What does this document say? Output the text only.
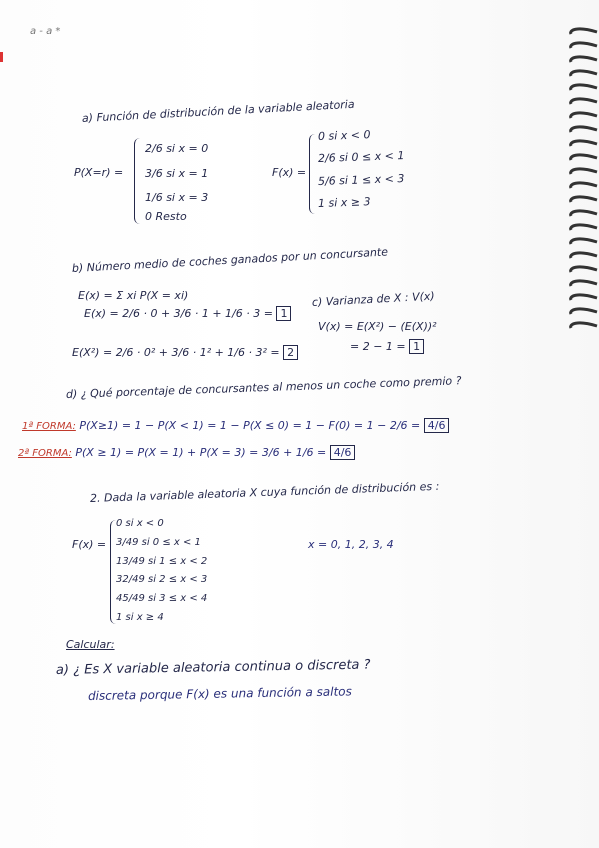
a - a *
a) Función de distribución de la variable aleatoria
P(X=r) =
2/6 si x = 0
3/6 si x = 1
1/6 si x = 3
0 Resto
F(x) =
0 si x < 0
2/6 si 0 ≤ x < 1
5/6 si 1 ≤ x < 3
1 si x ≥ 3
b) Número medio de coches ganados por un concursante
E(x) = Σ xi P(X = xi)
E(x) = 2/6 · 0 + 3/6 · 1 + 1/6 · 3 = 1
E(X²) = 2/6 · 0² + 3/6 · 1² + 1/6 · 3² = 2
c) Varianza de X : V(x)
V(x) = E(X²) − (E(X))²
= 2 − 1 = 1
d) ¿ Qué porcentaje de concursantes al menos un coche como premio ?
1ª FORMA: P(X≥1) = 1 − P(X < 1) = 1 − P(X ≤ 0) = 1 − F(0) = 1 − 2/6 = 4/6
2ª FORMA: P(X ≥ 1) = P(X = 1) + P(X = 3) = 3/6 + 1/6 = 4/6
2. Dada la variable aleatoria X cuya función de distribución es :
F(x) =
0 si x < 0
3/49 si 0 ≤ x < 1
13/49 si 1 ≤ x < 2
32/49 si 2 ≤ x < 3
45/49 si 3 ≤ x < 4
1 si x ≥ 4
x = 0, 1, 2, 3, 4
Calcular:
a) ¿ Es X variable aleatoria continua o discreta ?
discreta porque F(x) es una función a saltos
